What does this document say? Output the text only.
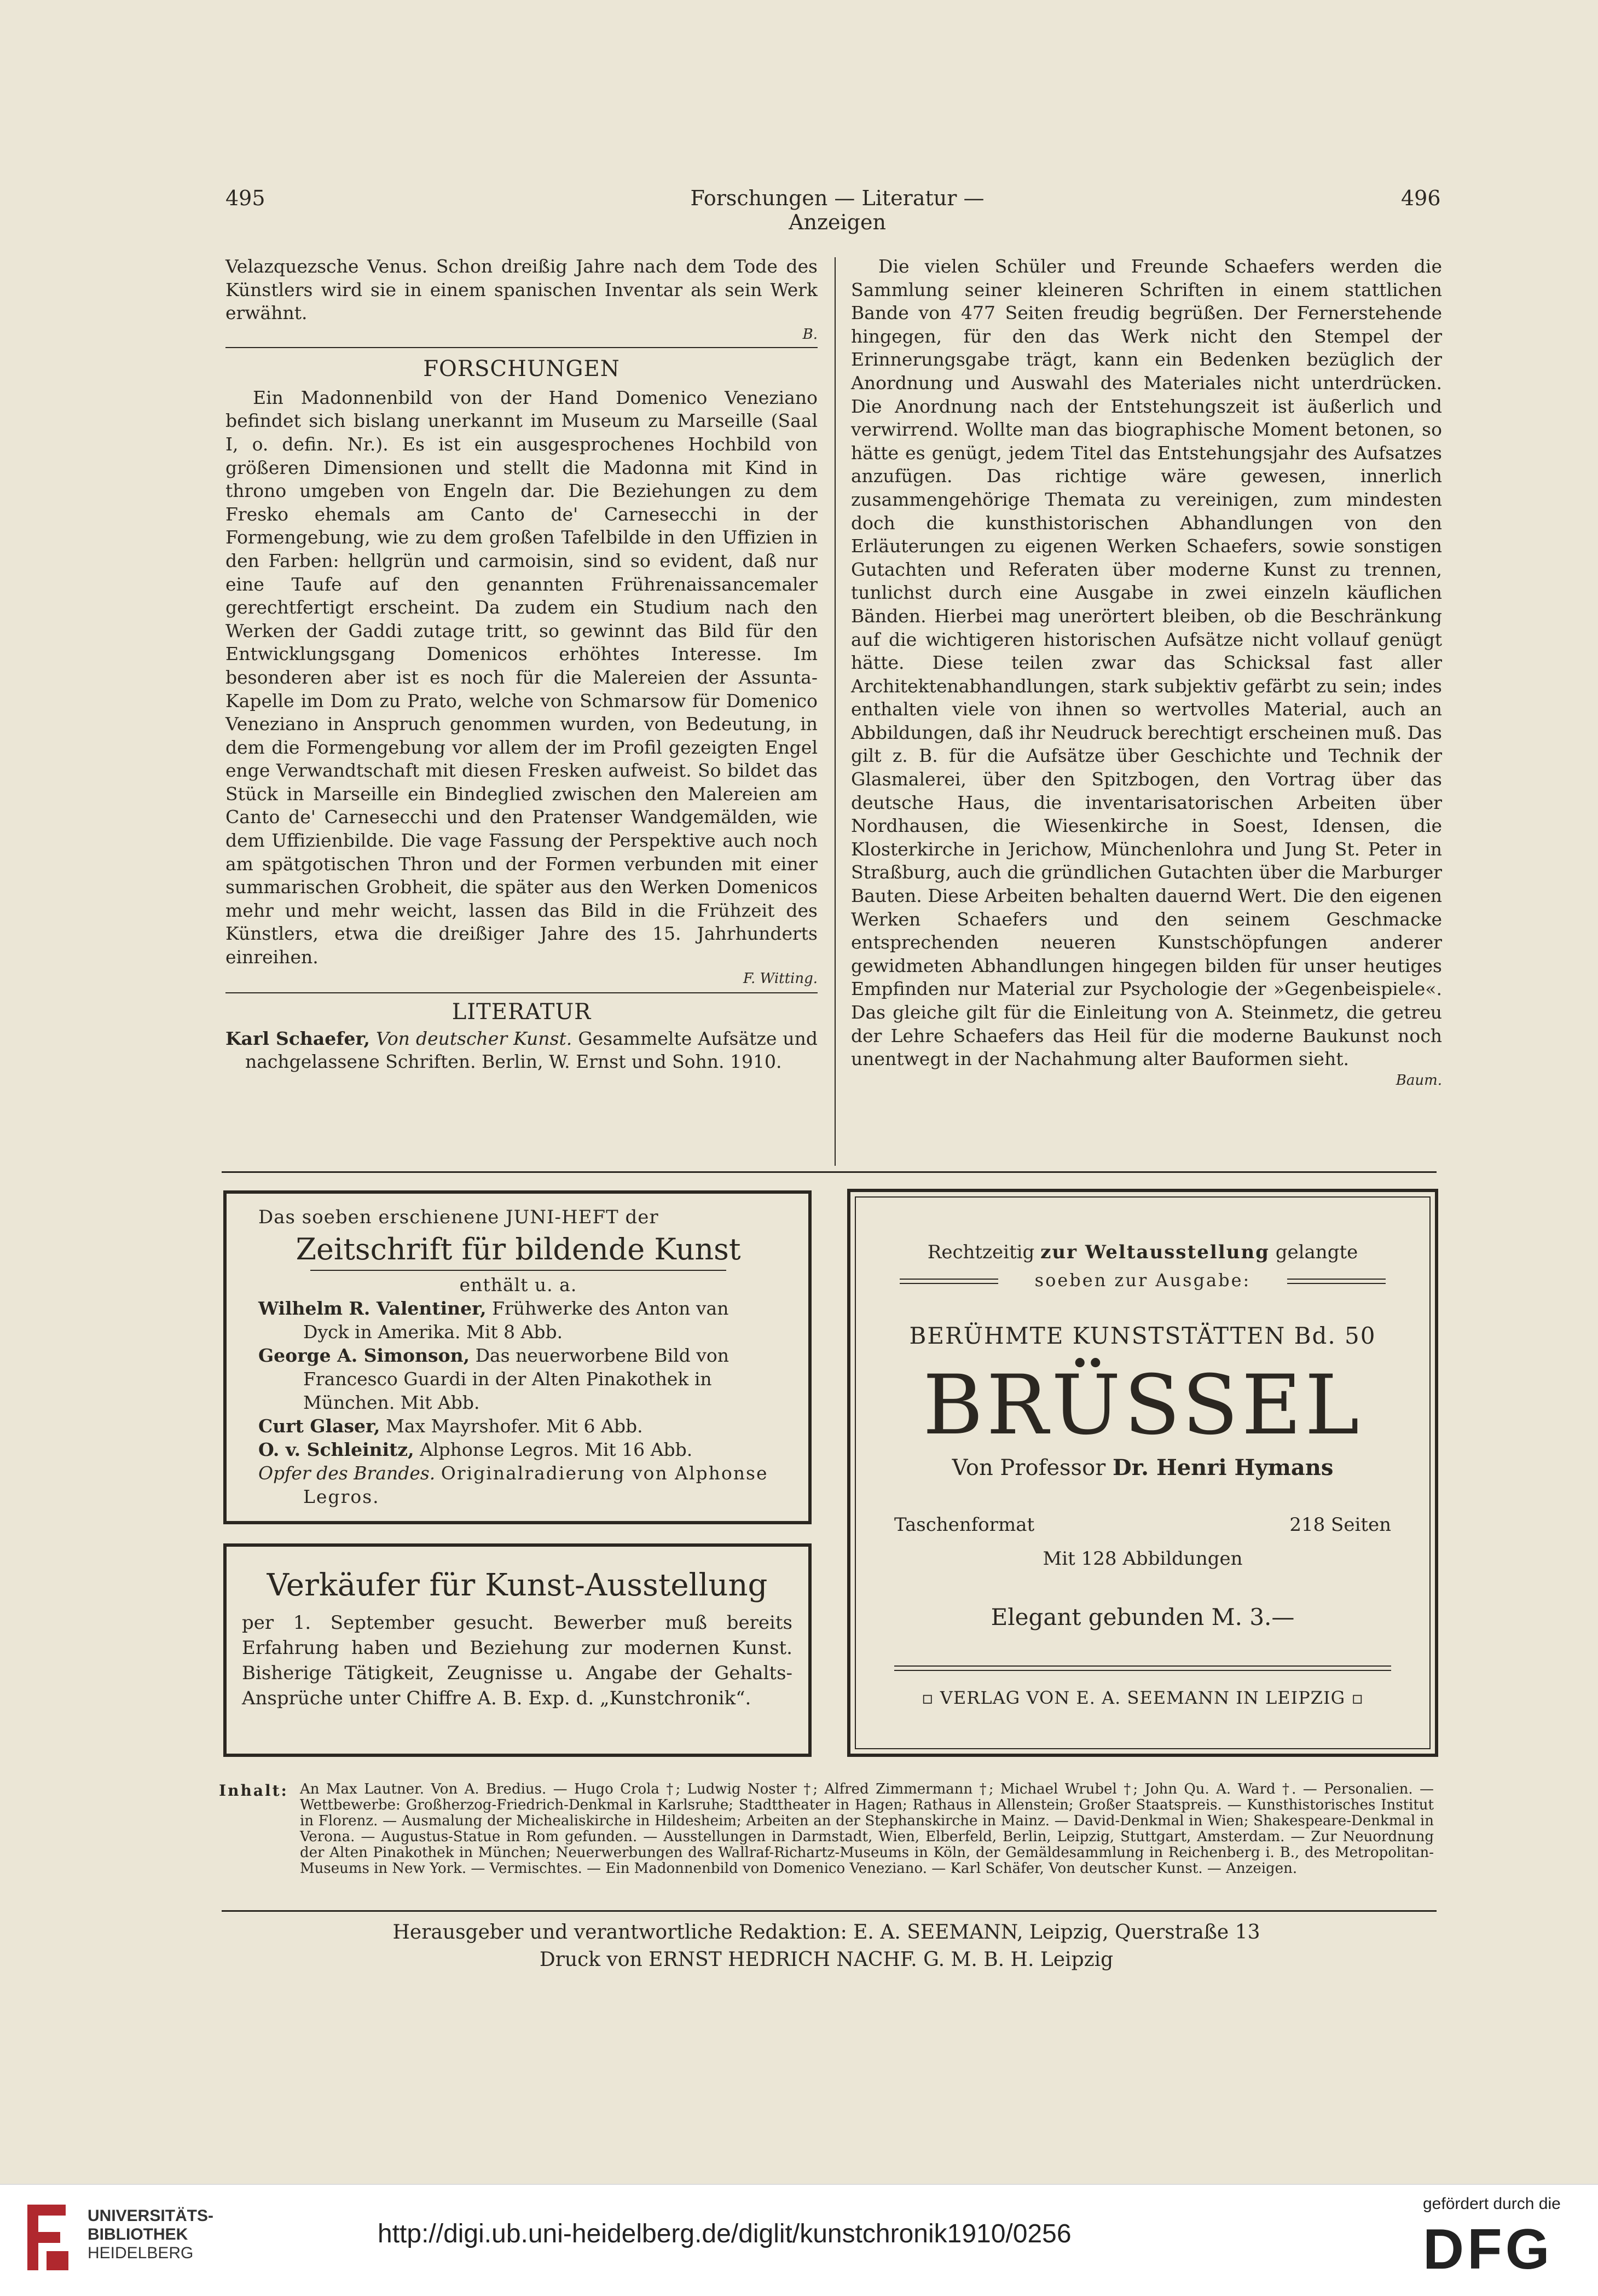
495	Forschungen — Literatur — Anzeigen
496

Velazquezsche Venus. Schon dreißig Jahre nach dem Tode des Künstlers wird sie in einem spanischen Inventar als sein Werk erwähnt.

B.
FORSCHUNGEN

Ein Madonnenbild von der Hand Domenico Veneziano befindet sich bislang unerkannt im Museum zu Marseille (Saal I, o. defin. Nr.). Es ist ein ausgesprochenes Hochbild von größeren Dimensionen und stellt die Madonna mit Kind in throno umgeben von Engeln dar. Die Beziehungen zu dem Fresko ehemals am Canto de' Carnesecchi in der Formengebung, wie zu dem großen Tafelbilde in den Uffizien in den Farben: hellgrün und carmoisin, sind so evident, daß nur eine Taufe auf den genannten Frührenaissancemaler gerechtfertigt erscheint. Da zudem ein Studium nach den Werken der Gaddi zutage tritt, so gewinnt das Bild für den Entwicklungsgang Domenicos erhöhtes Interesse. Im besonderen aber ist es noch für die Malereien der Assunta-Kapelle im Dom zu Prato, welche von Schmarsow für Domenico Veneziano in Anspruch genommen wurden, von Bedeutung, in dem die Formengebung vor allem der im Profil gezeigten Engel enge Verwandtschaft mit diesen Fresken aufweist. So bildet das Stück in Marseille ein Bindeglied zwischen den Malereien am Canto de' Carnesecchi und den Pratenser Wandgemälden, wie dem Uffizienbilde. Die vage Fassung der Perspektive auch noch am spätgotischen Thron und der Formen verbunden mit einer summarischen Grobheit, die später aus den Werken Domenicos mehr und mehr weicht, lassen das Bild in die Frühzeit des Künstlers, etwa die dreißiger Jahre des 15. Jahrhunderts einreihen.

F. Witting.
LITERATUR

Karl Schaefer, Von deutscher Kunst. Gesammelte Aufsätze und nachgelassene Schriften. Berlin, W. Ernst und Sohn. 1910.

Die vielen Schüler und Freunde Schaefers werden die Sammlung seiner kleineren Schriften in einem stattlichen Bande von 477 Seiten freudig begrüßen. Der Fernerstehende hingegen, für den das Werk nicht den Stempel der Erinnerungsgabe trägt, kann ein Bedenken bezüglich der Anordnung und Auswahl des Materiales nicht unterdrücken. Die Anordnung nach der Entstehungszeit ist äußerlich und verwirrend. Wollte man das biographische Moment betonen, so hätte es genügt, jedem Titel das Entstehungsjahr des Aufsatzes anzufügen. Das richtige wäre gewesen, innerlich zusammengehörige Themata zu vereinigen, zum mindesten doch die kunsthistorischen Abhandlungen von den Erläuterungen zu eigenen Werken Schaefers, sowie sonstigen Gutachten und Referaten über moderne Kunst zu trennen, tunlichst durch eine Ausgabe in zwei einzeln käuflichen Bänden. Hierbei mag unerörtert bleiben, ob die Beschränkung auf die wichtigeren historischen Aufsätze nicht vollauf genügt hätte. Diese teilen zwar das Schicksal fast aller Architektenabhandlungen, stark subjektiv gefärbt zu sein; indes enthalten viele von ihnen so wertvolles Material, auch an Abbildungen, daß ihr Neudruck berechtigt erscheinen muß. Das gilt z. B. für die Aufsätze über Geschichte und Technik der Glasmalerei, über den Spitzbogen, den Vortrag über das deutsche Haus, die inventarisatorischen Arbeiten über Nordhausen, die Wiesenkirche in Soest, Idensen, die Klosterkirche in Jerichow, Münchenlohra und Jung St. Peter in Straßburg, auch die gründlichen Gutachten über die Marburger Bauten. Diese Arbeiten behalten dauernd Wert. Die den eigenen Werken Schaefers und den seinem Geschmacke entsprechenden neueren Kunstschöpfungen anderer gewidmeten Abhandlungen hingegen bilden für unser heutiges Empfinden nur Material zur Psychologie der »Gegenbeispiele«. Das gleiche gilt für die Einleitung von A. Steinmetz, die getreu der Lehre Schaefers das Heil für die moderne Baukunst noch unentwegt in der Nachahmung alter Bauformen sieht.

Baum.
Das soeben erschienene JUNI-HEFT der
Zeitschrift für bildende Kunst
enthält u. a.
Wilhelm R. Valentiner, Frühwerke des Anton van Dyck in Amerika. Mit 8 Abb.
George A. Simonson, Das neuerworbene Bild von Francesco Guardi in der Alten Pinakothek in München. Mit Abb.
Curt Glaser, Max Mayrshofer. Mit 6 Abb.
O. v. Schleinitz, Alphonse Legros. Mit 16 Abb.
Opfer des Brandes. Originalradierung von Alphonse Legros.
Verkäufer für Kunst-Ausstellung
per 1. September gesucht. Bewerber muß bereits Erfahrung haben und Beziehung zur modernen Kunst. Bisherige Tätigkeit, Zeugnisse u. Angabe der Gehalts-Ansprüche unter Chiffre A. B. Exp. d. „Kunstchronik“.
Rechtzeitig zur Weltausstellung gelangte
soeben zur Ausgabe:
BERÜHMTE KUNSTSTÄTTEN Bd. 50
BRÜSSEL
Von Professor Dr. Henri Hymans
Taschenformat	218 Seiten
Mit 128 Abbildungen
Elegant gebunden M. 3.—
▫ VERLAG VON E. A. SEEMANN IN LEIPZIG ▫
Inhalt: An Max Lautner. Von A. Bredius. — Hugo Crola †; Ludwig Noster †; Alfred Zimmermann †; Michael Wrubel †; John Qu. A. Ward †. — Personalien. — Wettbewerbe: Großherzog-Friedrich-Denkmal in Karlsruhe; Stadttheater in Hagen; Rathaus in Allenstein; Großer Staatspreis. — Kunsthistorisches Institut in Florenz. — Ausmalung der Michealiskirche in Hildesheim; Arbeiten an der Stephanskirche in Mainz. — David-Denkmal in Wien; Shakespeare-Denkmal in Verona. — Augustus-Statue in Rom gefunden. — Ausstellungen in Darmstadt, Wien, Elberfeld, Berlin, Leipzig, Stuttgart, Amsterdam. — Zur Neuordnung der Alten Pinakothek in München; Neuerwerbungen des Wallraf-Richartz-Museums in Köln, der Gemäldesammlung in Reichenberg i. B., des Metropolitan-Museums in New York. — Vermischtes. — Ein Madonnenbild von Domenico Veneziano. — Karl Schäfer, Von deutscher Kunst. — Anzeigen.
Herausgeber und verantwortliche Redaktion: E. A. SEEMANN, Leipzig, Querstraße 13
Druck von ERNST HEDRICH NACHF. G. M. B. H. Leipzig
UNIVERSITÄTS-
BIBLIOTHEK
HEIDELBERG
http://digi.ub.uni-heidelberg.de/diglit/kunstchronik1910/0256
gefördert durch die
DFG
